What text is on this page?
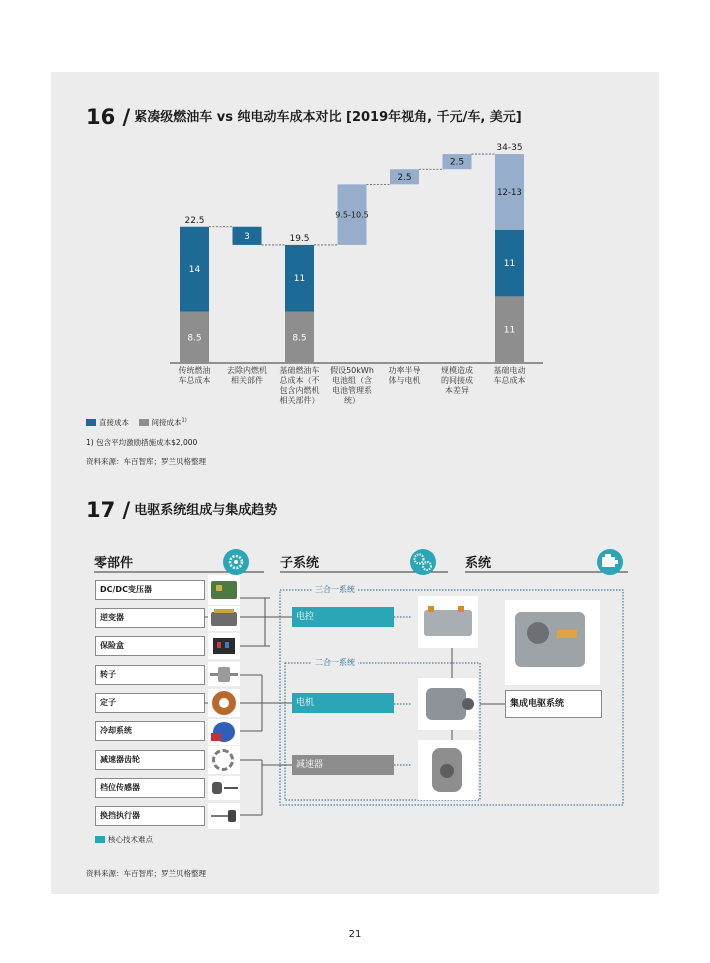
16 / 紧凑级燃油车 vs 纯电动车成本对比 [2019年视角, 千元/车, 美元]
8.5
14
22.5
传统燃油
车总成本
3
去除内燃机
相关部件
8.5
11
19.5
基础燃油车
总成本（不
包含内燃机
相关部件）
9.5-10.5
假设50kWh
电池组（含
电池管理系
统）
2.5
功率半导
体与电机
2.5
规模造成
的间接成
本差异
11
11
12-13
34-35
基础电动
车总成本
直接成本	间接成本$^{1)}$
1) 包含平均激励措施成本$2,000
资料来源：车百智库；罗兰贝格整理
17 / 电驱系统组成与集成趋势
零部件	子系统	系统
DC/DC变压器
逆变器
保险盒
转子
定子
冷却系统
减速器齿轮
档位传感器
换挡执行器
三合一系统
二合一系统
电控
电机
减速器
集成电驱系统
核心技术难点
资料来源：车百智库；罗兰贝格整理
21
